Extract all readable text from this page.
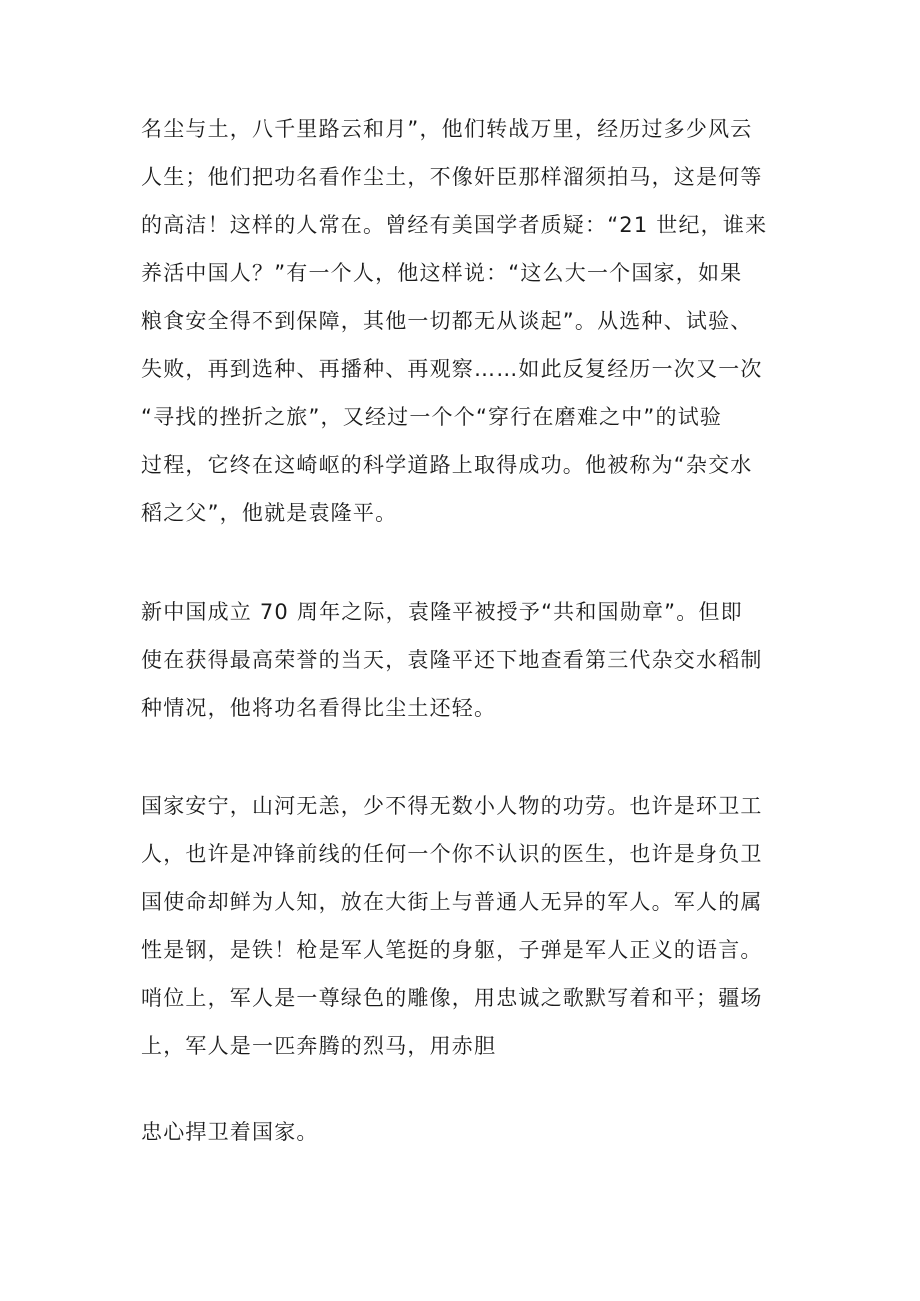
名尘与土，八千里路云和月”，他们转战万里，经历过多少风云
人生；他们把功名看作尘土，不像奸臣那样溜须拍马，这是何等
的高洁！这样的人常在。曾经有美国学者质疑：“21 世纪，谁来
养活中国人？”有一个人，他这样说：“这么大一个国家，如果
粮食安全得不到保障，其他一切都无从谈起”。从选种、试验、
失败，再到选种、再播种、再观察……如此反复经历一次又一次
“寻找的挫折之旅”，又经过一个个“穿行在磨难之中”的试验
过程，它终在这崎岖的科学道路上取得成功。他被称为“杂交水
稻之父”，他就是袁隆平。
新中国成立 70 周年之际，袁隆平被授予“共和国勋章”。但即
使在获得最高荣誉的当天，袁隆平还下地查看第三代杂交水稻制
种情况，他将功名看得比尘土还轻。
国家安宁，山河无恙，少不得无数小人物的功劳。也许是环卫工
人，也许是冲锋前线的任何一个你不认识的医生，也许是身负卫
国使命却鲜为人知，放在大街上与普通人无异的军人。军人的属
性是钢，是铁！枪是军人笔挺的身躯，子弹是军人正义的语言。
哨位上，军人是一尊绿色的雕像，用忠诚之歌默写着和平；疆场
上，军人是一匹奔腾的烈马，用赤胆
忠心捍卫着国家。
